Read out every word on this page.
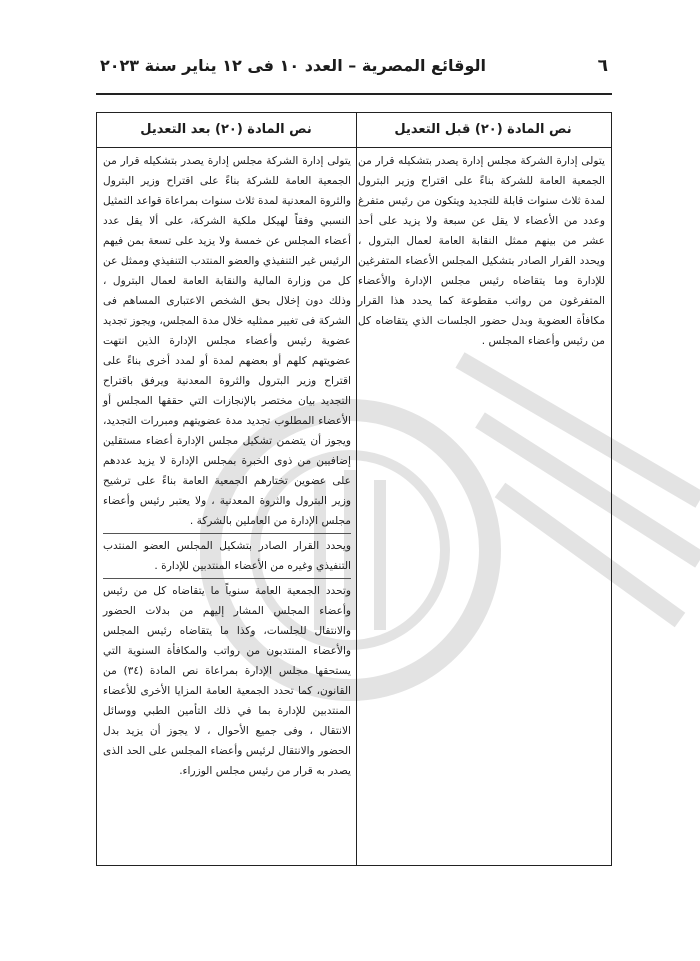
٦
الوقائع المصرية – العدد ١٠ فى ١٢ يناير سنة ٢٠٢٣
نص المادة (٢٠) قبل التعديل
نص المادة (٢٠) بعد التعديل

يتولى إدارة الشركة مجلس إدارة يصدر بتشكيله قرار من الجمعية العامة للشركة بناءً على اقتراح وزير البترول لمدة ثلاث سنوات قابلة للتجديد ويتكون من رئيس متفرغ وعدد من الأعضاء لا يقل عن سبعة ولا يزيد على أحد عشر من بينهم ممثل النقابة العامة لعمال البترول ، ويحدد القرار الصادر بتشكيل المجلس الأعضاء المتفرغين للإدارة وما يتقاضاه رئيس مجلس الإدارة والأعضاء المتفرغون من رواتب مقطوعة كما يحدد هذا القرار مكافأة العضوية وبدل حضور الجلسات الذي يتقاضاه كل من رئيس وأعضاء المجلس .

يتولى إدارة الشركة مجلس إدارة يصدر بتشكيله قرار من الجمعية العامة للشركة بناءً على اقتراح وزير البترول والثروة المعدنية لمدة ثلاث سنوات بمراعاة قواعد التمثيل النسبي وفقاً لهيكل ملكية الشركة، على ألا يقل عدد أعضاء المجلس عن خمسة ولا يزيد على تسعة بمن فيهم الرئيس غير التنفيذي والعضو المنتدب التنفيذي وممثل عن كل من وزارة المالية والنقابة العامة لعمال البترول ، وذلك دون إخلال بحق الشخص الاعتبارى المساهم فى الشركة فى تغيير ممثليه خلال مدة المجلس، ويجوز تجديد عضوية رئيس وأعضاء مجلس الإدارة الذين انتهت عضويتهم كلهم أو بعضهم لمدة أو لمدد أخرى بناءً على اقتراح وزير البترول والثروة المعدنية ويرفق باقتراح التجديد بيان مختصر بالإنجازات التي حققها المجلس أو الأعضاء المطلوب تجديد مدة عضويتهم ومبررات التجديد، ويجوز أن يتضمن تشكيل مجلس الإدارة أعضاء مستقلين إضافيين من ذوى الخبرة بمجلس الإدارة لا يزيد عددهم على عضوين تختارهم الجمعية العامة بناءً على ترشيح وزير البترول والثروة المعدنية ، ولا يعتبر رئيس وأعضاء مجلس الإدارة من العاملين بالشركة .

ويحدد القرار الصادر بتشكيل المجلس العضو المنتدب التنفيذي وغيره من الأعضاء المنتدبين للإدارة .

وتحدد الجمعية العامة سنوياً ما يتقاضاه كل من رئيس وأعضاء المجلس المشار إليهم من بدلات الحضور والانتقال للجلسات، وكذا ما يتقاضاه رئيس المجلس والأعضاء المنتدبون من رواتب والمكافأة السنوية التي يستحقها مجلس الإدارة بمراعاة نص المادة (٣٤) من القانون، كما تحدد الجمعية العامة المزايا الأخرى للأعضاء المنتدبين للإدارة بما في ذلك التأمين الطبي ووسائل الانتقال ، وفى جميع الأحوال ، لا يجوز أن يزيد بدل الحضور والانتقال لرئيس وأعضاء المجلس على الحد الذى يصدر به قرار من رئيس مجلس الوزراء.
